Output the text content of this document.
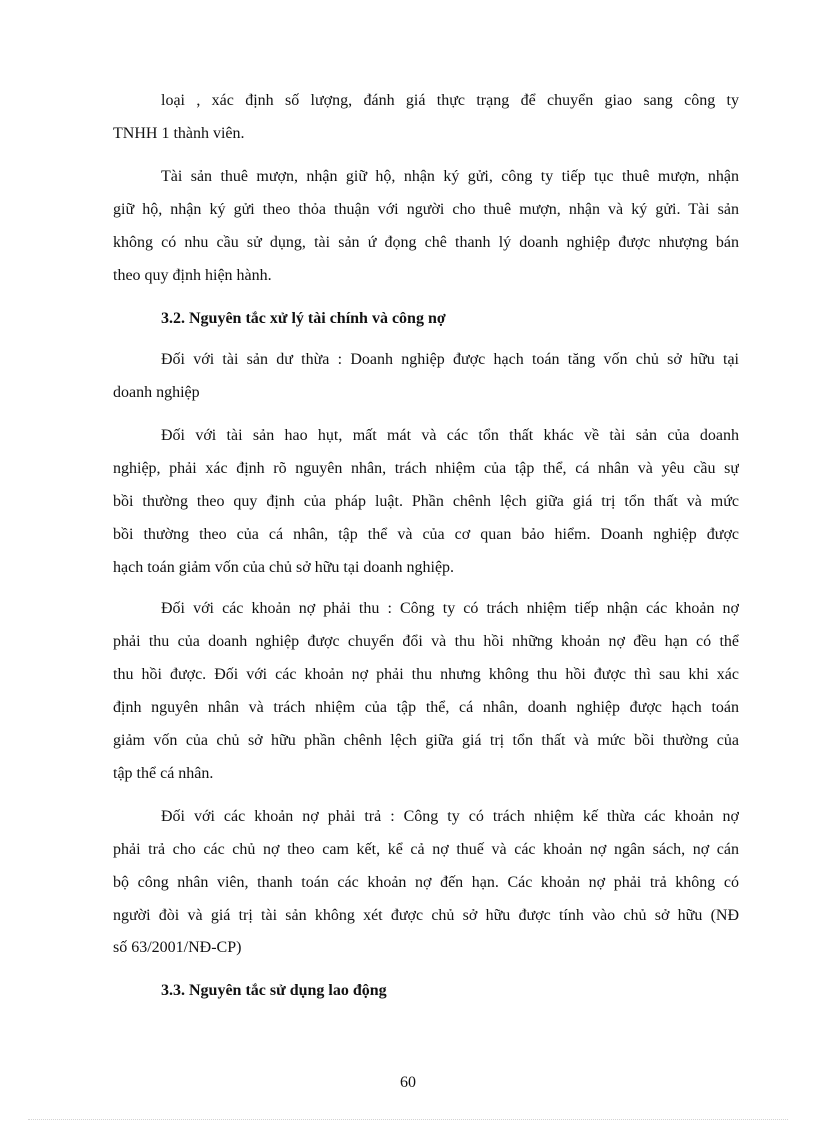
loại , xác định số lượng, đánh giá thực trạng để chuyển giao sang công ty
TNHH 1 thành viên.
Tài sản thuê mượn, nhận giữ hộ, nhận ký gửi, công ty tiếp tục thuê mượn, nhận
giữ hộ, nhận ký gửi theo thỏa thuận với người cho thuê mượn, nhận và ký gửi. Tài sản
không có nhu cầu sử dụng, tài sản ứ đọng chê thanh lý doanh nghiệp được nhượng bán
theo quy định hiện hành.
3.2. Nguyên tắc xử lý tài chính và công nợ
Đối với tài sản dư thừa : Doanh nghiệp được hạch toán tăng vốn chủ sở hữu tại
doanh nghiệp
Đối với tài sản hao hụt, mất mát và các tổn thất khác về tài sản của doanh
nghiệp, phải xác định rõ nguyên nhân, trách nhiệm của tập thể, cá nhân và yêu cầu sự
bồi thường theo quy định của pháp luật. Phần chênh lệch giữa giá trị tổn thất và mức
bồi thường theo của cá nhân, tập thể và của cơ quan bảo hiểm. Doanh nghiệp được
hạch toán giảm vốn của chủ sở hữu tại doanh nghiệp.
Đối với các khoản nợ phải thu : Công ty có trách nhiệm tiếp nhận các khoản nợ
phải thu của doanh nghiệp được chuyển đổi và thu hồi những khoản nợ đều hạn có thể
thu hồi được. Đối với các khoản nợ phải thu nhưng không thu hồi được thì sau khi xác
định nguyên nhân và trách nhiệm của tập thể, cá nhân, doanh nghiệp được hạch toán
giảm vốn của chủ sở hữu phần chênh lệch giữa giá trị tổn thất và mức bồi thường của
tập thể cá nhân.
Đối với các khoản nợ phải trả : Công ty có trách nhiệm kế thừa các khoản nợ
phải trả cho các chủ nợ theo cam kết, kể cả nợ thuế và các khoản nợ ngân sách, nợ cán
bộ công nhân viên, thanh toán các khoản nợ đến hạn. Các khoản nợ phải trả không có
người đòi và giá trị tài sản không xét được chủ sở hữu được tính vào chủ sở hữu (NĐ
số 63/2001/NĐ-CP)
3.3. Nguyên tắc sử dụng lao động
60
